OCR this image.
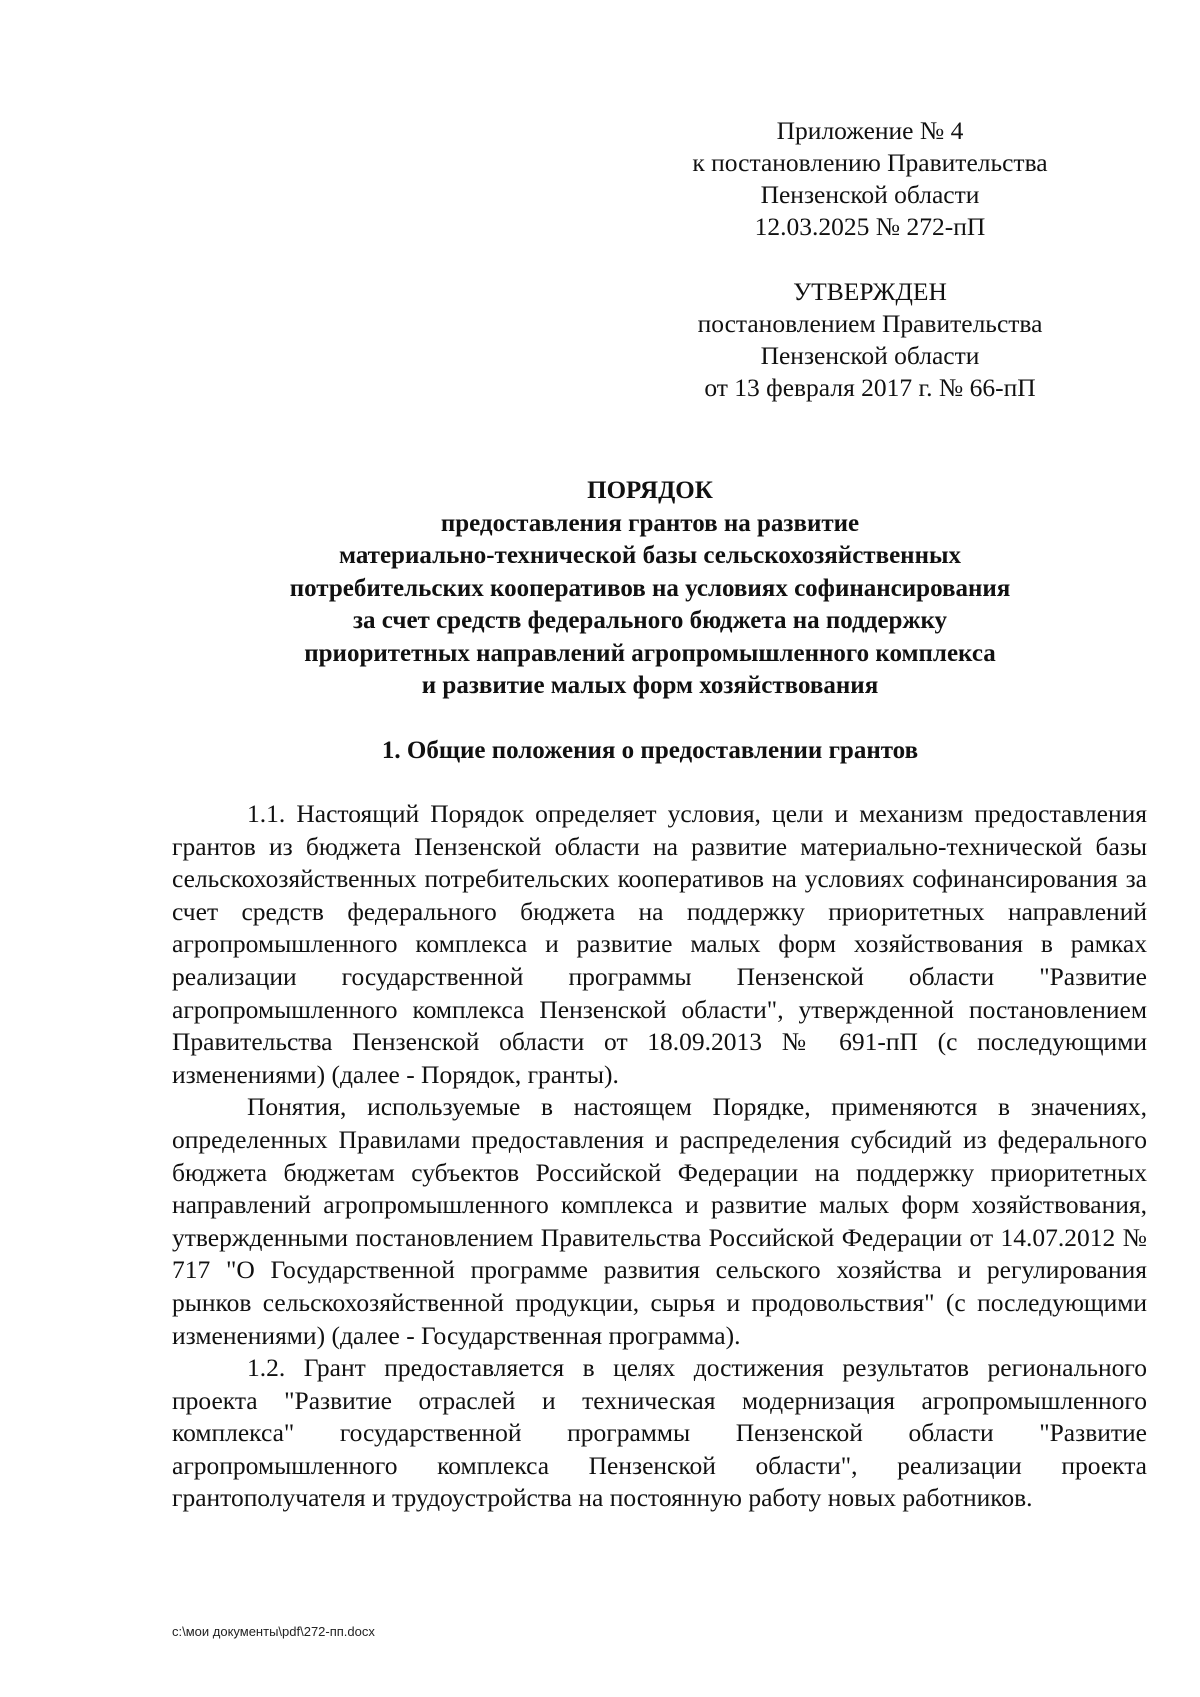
Приложение № 4
к постановлению Правительства
Пензенской области
12.03.2025 № 272-пП
УТВЕРЖДЕН
постановлением Правительства
Пензенской области
от 13 февраля 2017 г. № 66-пП
ПОРЯДОК
предоставления грантов на развитие
материально-технической базы сельскохозяйственных
потребительских кооперативов на условиях софинансирования
за счет средств федерального бюджета на поддержку
приоритетных направлений агропромышленного комплекса
и развитие малых форм хозяйствования
1. Общие положения о предоставлении грантов

1.1. Настоящий Порядок определяет условия, цели и механизм предоставления грантов из бюджета Пензенской области на развитие материально-технической базы сельскохозяйственных потребительских кооперативов на условиях софинансирования за счет средств федерального бюджета на поддержку приоритетных направлений агропромышленного комплекса и развитие малых форм хозяйствования в рамках реализации государственной программы Пензенской области "Развитие агропромышленного комплекса Пензенской области", утвержденной постановлением Правительства Пензенской области от 18.09.2013 № 691-пП (с последующими изменениями) (далее - Порядок, гранты).

Понятия, используемые в настоящем Порядке, применяются в значениях, определенных Правилами предоставления и распределения субсидий из федерального бюджета бюджетам субъектов Российской Федерации на поддержку приоритетных направлений агропромышленного комплекса и развитие малых форм хозяйствования, утвержденными постановлением Правительства Российской Федерации от 14.07.2012 № 717 "О Государственной программе развития сельского хозяйства и регулирования рынков сельскохозяйственной продукции, сырья и продовольствия" (с последующими изменениями) (далее - Государственная программа).

1.2. Грант предоставляется в целях достижения результатов регионального проекта "Развитие отраслей и техническая модернизация агропромышленного комплекса" государственной программы Пензенской области "Развитие агропромышленного комплекса Пензенской области", реализации проекта грантополучателя и трудоустройства на постоянную работу новых работников.

c:\мои документы\pdf\272-пп.docx
